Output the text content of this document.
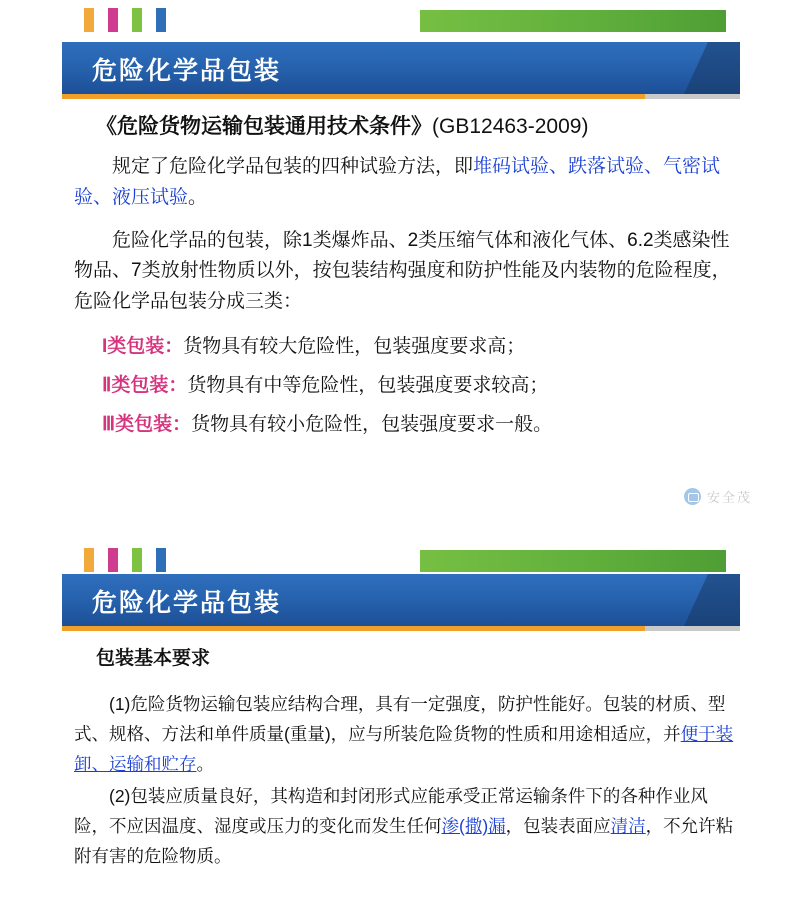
危险化学品包装

《危险货物运输包装通用技术条件》(GB12463-2009)

规定了危险化学品包装的四种试验方法，即堆码试验、跌落试验、气密试验、液压试验。

危险化学品的包装，除1类爆炸品、2类压缩气体和液化气体、6.2类感染性物品、7类放射性物质以外，按包装结构强度和防护性能及内装物的危险程度，危险化学品包装分成三类：

I类包装：货物具有较大危险性，包装强度要求高；

Ⅱ类包装：货物具有中等危险性，包装强度要求较高；

Ⅲ类包装：货物具有较小危险性，包装强度要求一般。

安全茂
危险化学品包装

包装基本要求

(1)危险货物运输包装应结构合理，具有一定强度，防护性能好。包装的材质、型式、规格、方法和单件质量(重量)，应与所装危险货物的性质和用途相适应，并便于装卸、运输和贮存。

(2)包装应质量良好，其构造和封闭形式应能承受正常运输条件下的各种作业风险，不应因温度、湿度或压力的变化而发生任何渗(撒)漏，包装表面应清洁，不允许粘附有害的危险物质。
